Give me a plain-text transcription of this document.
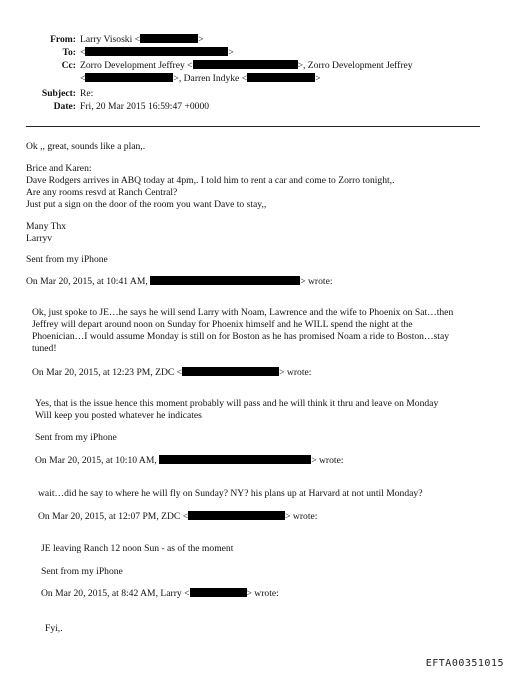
From: Larry Visoski <	>
To: <	>
Cc: Zorro Development Jeffrey <	>, Zorro Development Jeffrey
<	>, Darren Indyke <	>
Subject: Re:
Date: Fri, 20 Mar 2015 16:59:47 +0000
Ok ,, great, sounds like a plan,.
Brice and Karen:
Dave Rodgers arrives in ABQ today at 4pm,. I told him to rent a car and come to Zorro tonight,.
Are any rooms resvd at Ranch Central?
Just put a sign on the door of the room you want Dave to stay,,
Many Thx
Larryv
Sent from my iPhone
On Mar 20, 2015, at 10:41 AM,	> wrote:
Ok, just spoke to JE…he says he will send Larry with Noam, Lawrence and the wife to Phoenix on Sat…then
Jeffrey will depart around noon on Sunday for Phoenix himself and he WILL spend the night at the
Phoenician…I would assume Monday is still on for Boston as he has promised Noam a ride to Boston…stay
tuned!
On Mar 20, 2015, at 12:23 PM, ZDC <	> wrote:
Yes, that is the issue hence this moment probably will pass and he will think it thru and leave on Monday
Will keep you posted whatever he indicates
Sent from my iPhone
On Mar 20, 2015, at 10:10 AM,	> wrote:
wait…did he say to where he will fly on Sunday? NY? his plans up at Harvard at not until Monday?
On Mar 20, 2015, at 12:07 PM, ZDC <	> wrote:
JE leaving Ranch 12 noon Sun - as of the moment
Sent from my iPhone
On Mar 20, 2015, at 8:42 AM, Larry <	> wrote:
Fyi,.
EFTA00351015
